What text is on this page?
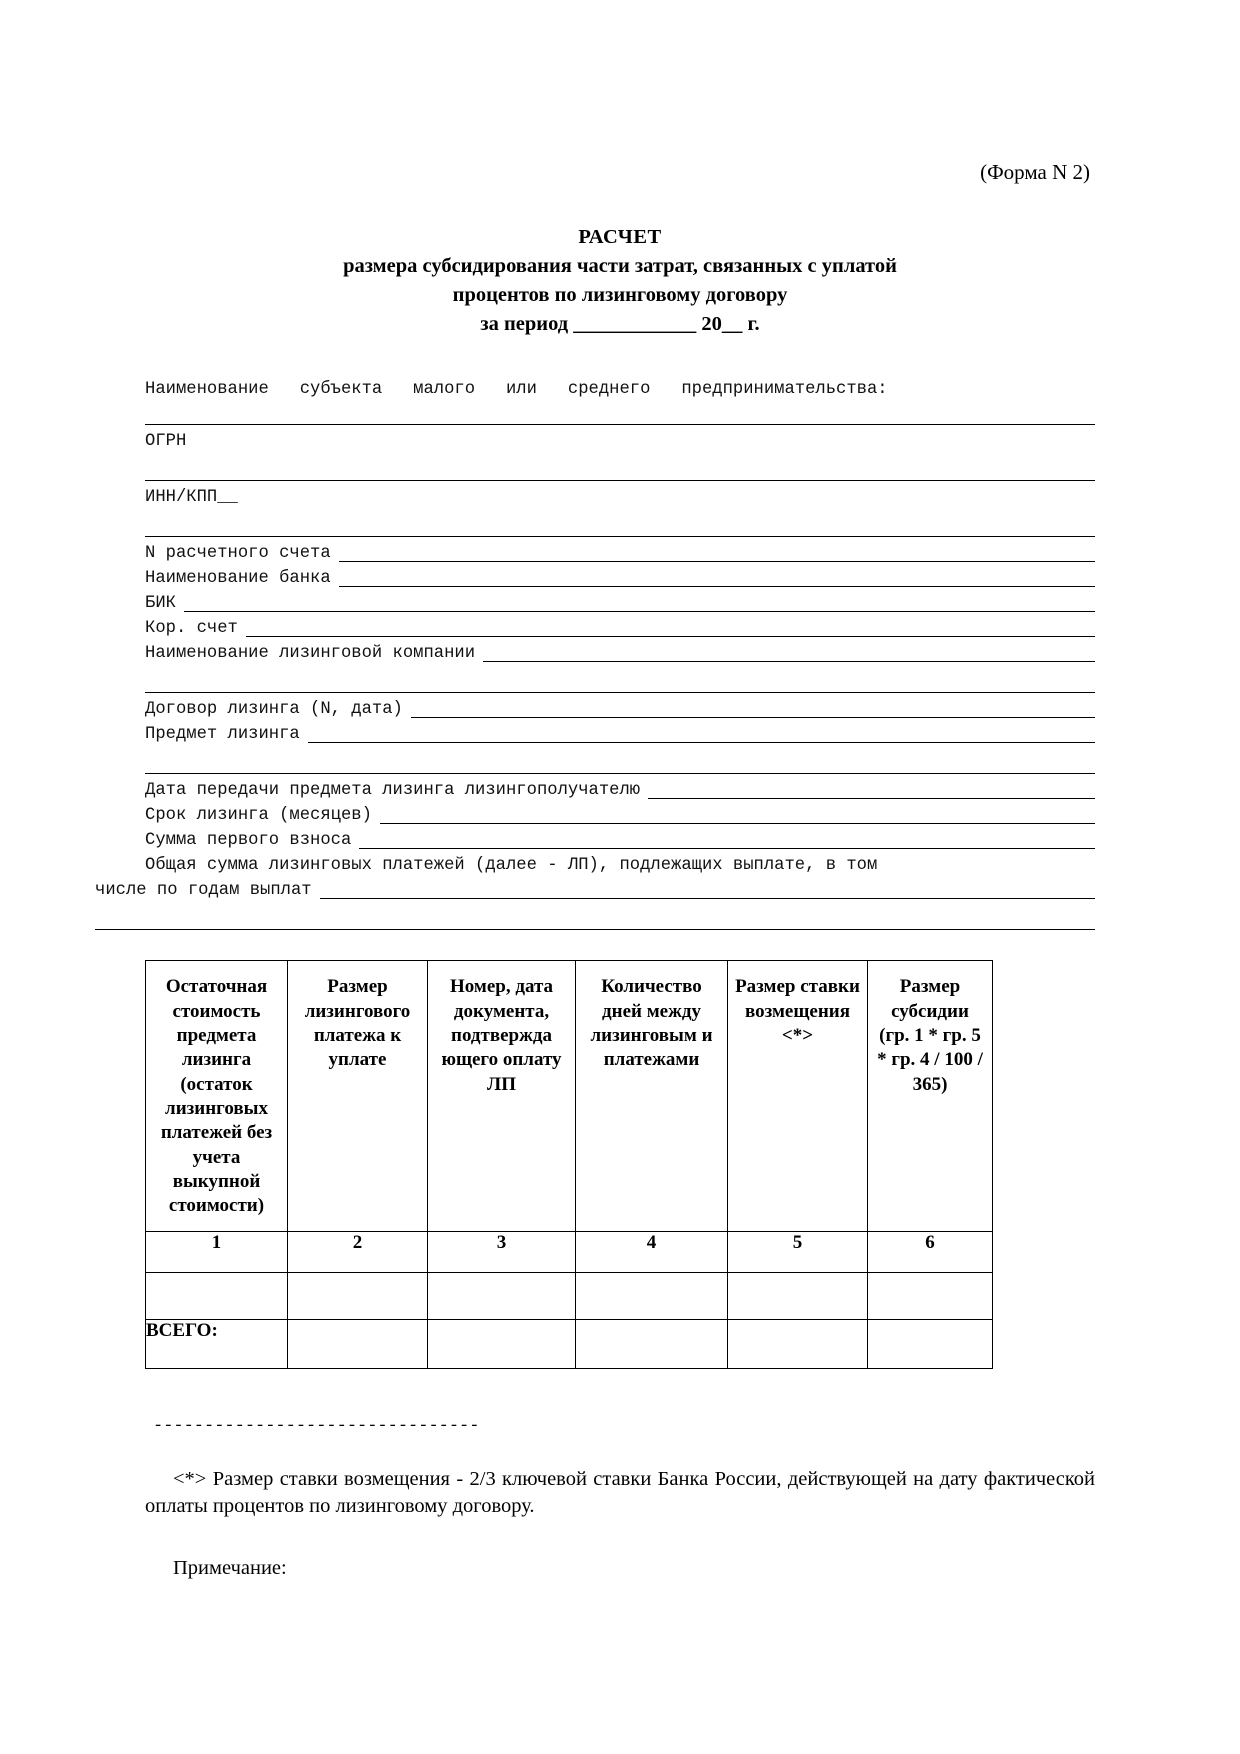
(Форма N 2)
РАСЧЕТ
размера субсидирования части затрат, связанных с уплатой
процентов по лизинговому договору
за период ____________ 20__ г.
Наименование   субъекта   малого   или   среднего   предпринимательства:
ОГРН
ИНН/КПП__
N расчетного счета
Наименование банка
БИК
Кор. счет
Наименование лизинговой компании
Договор лизинга (N, дата)
Предмет лизинга
Дата передачи предмета лизинга лизингополучателю
Срок лизинга (месяцев)
Сумма первого взноса
Общая сумма лизинговых платежей (далее - ЛП), подлежащих выплате, в том
числе по годам выплат
Остаточная стоимость предмета лизинга (остаток лизинговых платежей без учета выкупной стоимости)	Размер лизингового платежа к уплате	Номер, дата документа, подтвержда ющего оплату ЛП	Количество дней между лизинговым и платежами	Размер ставки возмещения <*>	Размер субсидии (гр. 1 * гр. 5 * гр. 4 / 100 / 365)
1	2	3	4	5	6

ВСЕГО:					
--------------------------------
<*> Размер ставки возмещения - 2/3 ключевой ставки Банка России, действующей на дату фактической оплаты процентов по лизинговому договору.
Примечание:
